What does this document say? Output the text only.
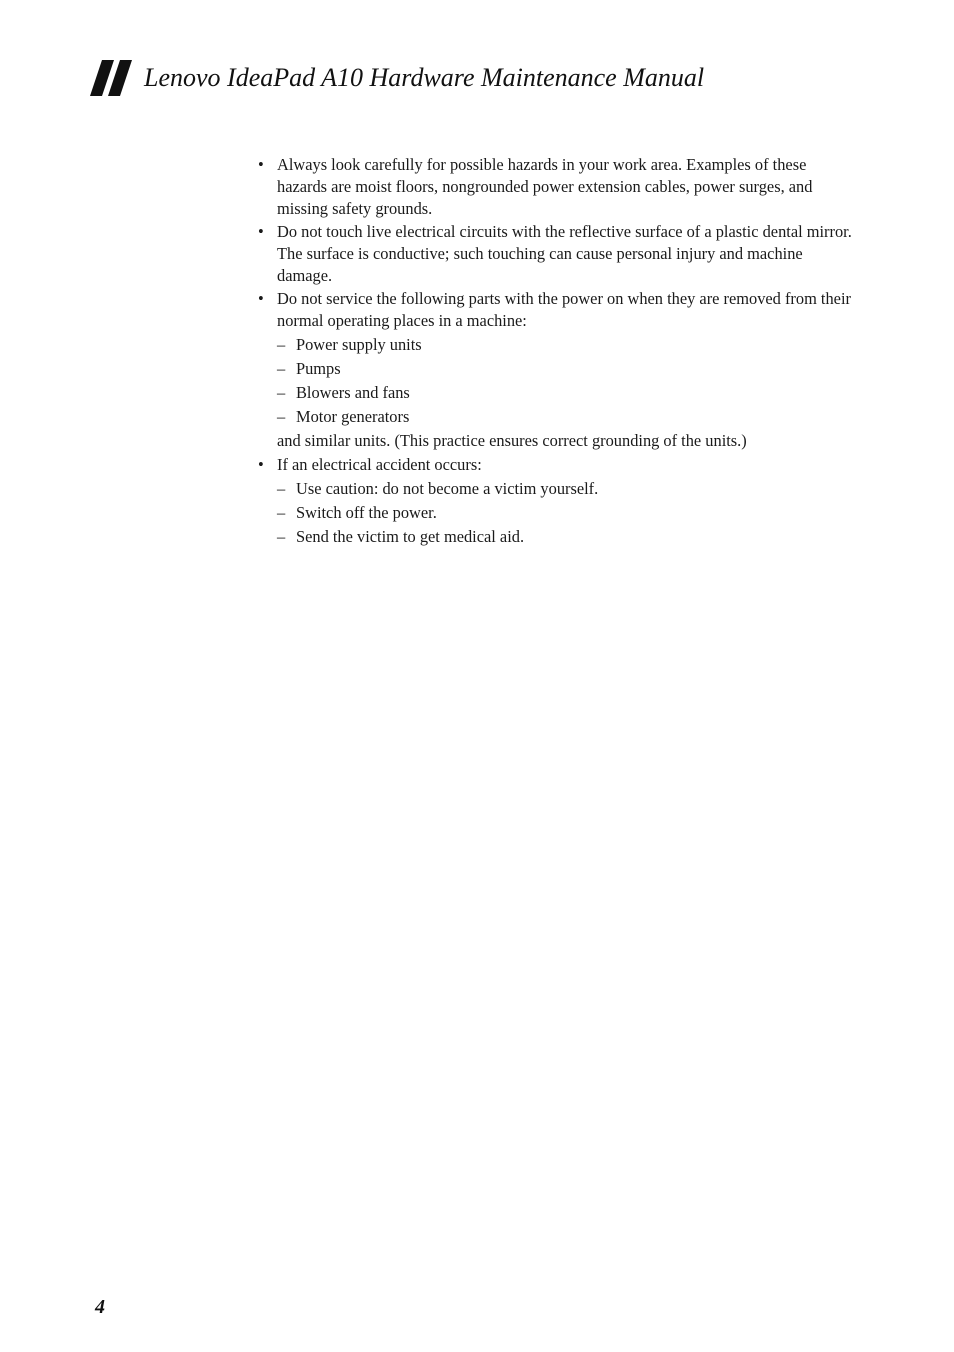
Lenovo IdeaPad A10 Hardware Maintenance Manual
• Always look carefully for possible hazards in your work area. Examples of these hazards are moist floors, nongrounded power extension cables, power surges, and missing safety grounds.
• Do not touch live electrical circuits with the reflective surface of a plastic dental mirror. The surface is conductive; such touching can cause personal injury and machine damage.
• Do not service the following parts with the power on when they are removed from their normal operating places in a machine:
– Power supply units
– Pumps
– Blowers and fans
– Motor generators
and similar units. (This practice ensures correct grounding of the units.)
• If an electrical accident occurs:
– Use caution: do not become a victim yourself.
– Switch off the power.
– Send the victim to get medical aid.
4
